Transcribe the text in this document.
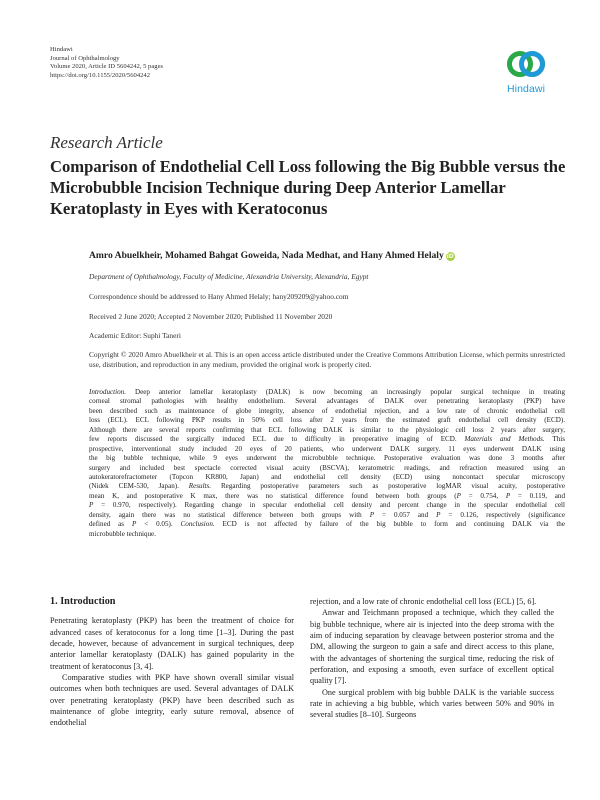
Hindawi
Journal of Ophthalmology
Volume 2020, Article ID 5604242, 5 pages
https://doi.org/10.1155/2020/5604242
Hindawi
Research Article
Comparison of Endothelial Cell Loss following the Big Bubble versus the Microbubble Incision Technique during Deep Anterior Lamellar Keratoplasty in Eyes with Keratoconus
Amro Abuelkheir, Mohamed Bahgat Goweida, Nada Medhat, and Hany Ahmed Helaly iD
Department of Ophthalmology, Faculty of Medicine, Alexandria University, Alexandria, Egypt
Correspondence should be addressed to Hany Ahmed Helaly; hany209209@yahoo.com
Received 2 June 2020; Accepted 2 November 2020; Published 11 November 2020
Academic Editor: Suphi Taneri
Copyright © 2020 Amro Abuelkheir et al. This is an open access article distributed under the Creative Commons Attribution License, which permits unrestricted use, distribution, and reproduction in any medium, provided the original work is properly cited.
Introduction. Deep anterior lamellar keratoplasty (DALK) is now becoming an increasingly popular surgical technique in treating
corneal stromal pathologies with healthy endothelium. Several advantages of DALK over penetrating keratoplasty (PKP) have
been described such as maintenance of globe integrity, absence of endothelial rejection, and a low rate of chronic endothelial cell
loss (ECL). ECL following PKP results in 50% cell loss after 2 years from the estimated graft endothelial cell density (ECD).
Although there are several reports confirming that ECL following DALK is similar to the physiologic cell loss 2 years after surgery,
few reports discussed the surgically induced ECL due to difficulty in preoperative imaging of ECD. Materials and Methods. This
prospective, interventional study included 20 eyes of 20 patients, who underwent DALK surgery. 11 eyes underwent DALK using
the big bubble technique, while 9 eyes underwent the microbubble technique. Postoperative evaluation was done 3 months after
surgery and included best spectacle corrected visual acuity (BSCVA), keratometric readings, and refraction measured using an
autokeratorefractometer (Topcon KR800, Japan) and endothelial cell density (ECD) using noncontact specular microscopy
(Nidek CEM-530, Japan). Results. Regarding postoperative parameters such as postoperative logMAR visual acuity, postoperative
mean K, and postoperative K max, there was no statistical difference found between both groups (P = 0.754, P = 0.119, and
P = 0.970, respectively). Regarding change in specular endothelial cell density and percent change in the specular endothelial cell
density, again there was no statistical difference between both groups with P = 0.057 and P = 0.126, respectively (significance
defined as P < 0.05). Conclusion. ECD is not affected by failure of the big bubble to form and continuing DALK via the
microbubble technique.
1. Introduction

Penetrating keratoplasty (PKP) has been the treatment of choice for advanced cases of keratoconus for a long time [1–3]. During the past decade, however, because of advancement in surgical techniques, deep anterior lamellar keratoplasty (DALK) has gained popularity in the treatment of keratoconus [3, 4].

Comparative studies with PKP have shown overall similar visual outcomes when both techniques are used. Several advantages of DALK over penetrating keratoplasty (PKP) have been described such as maintenance of globe integrity, early suture removal, absence of endothelial

rejection, and a low rate of chronic endothelial cell loss (ECL) [5, 6].

Anwar and Teichmann proposed a technique, which they called the big bubble technique, where air is injected into the deep stroma with the aim of inducing separation by cleavage between posterior stroma and the DM, allowing the surgeon to gain a safe and direct access to this plane, with the advantages of shortening the surgical time, reducing the risk of perforation, and exposing a smooth, even surface of excellent optical quality [7].

One surgical problem with big bubble DALK is the variable success rate in achieving a big bubble, which varies between 50% and 90% in several studies [8–10]. Surgeons
